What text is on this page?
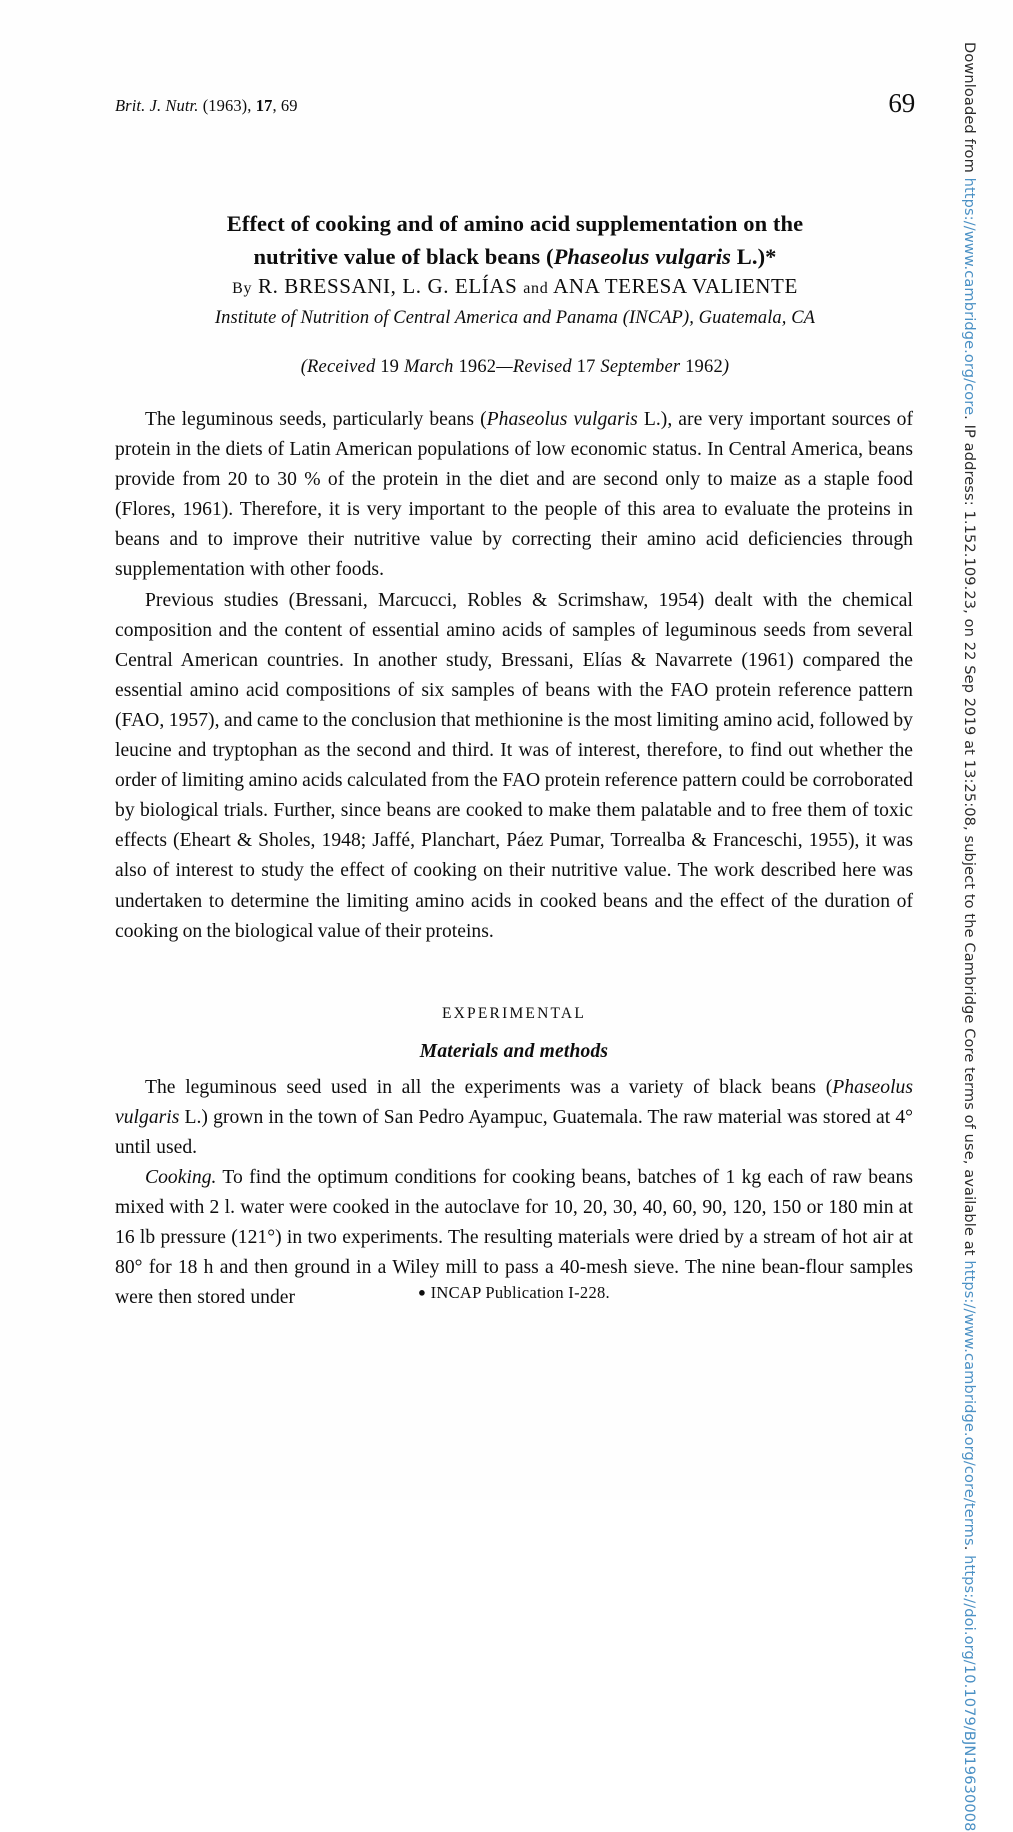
Brit. J. Nutr. (1963), 17, 69	69
Effect of cooking and of amino acid supplementation on the
nutritive value of black beans (Phaseolus vulgaris L.)*
By R. BRESSANI, L. G. ELÍAS and ANA TERESA VALIENTE
Institute of Nutrition of Central America and Panama (INCAP), Guatemala, CA
(Received 19 March 1962—Revised 17 September 1962)

The leguminous seeds, particularly beans (Phaseolus vulgaris L.), are very important sources of protein in the diets of Latin American populations of low economic status. In Central America, beans provide from 20 to 30 % of the protein in the diet and are second only to maize as a staple food (Flores, 1961). Therefore, it is very important to the people of this area to evaluate the proteins in beans and to improve their nutritive value by correcting their amino acid deficiencies through supplementation with other foods.

Previous studies (Bressani, Marcucci, Robles & Scrimshaw, 1954) dealt with the chemical composition and the content of essential amino acids of samples of leguminous seeds from several Central American countries. In another study, Bressani, Elías & Navarrete (1961) compared the essential amino acid compositions of six samples of beans with the FAO protein reference pattern (FAO, 1957), and came to the conclusion that methionine is the most limiting amino acid, followed by leucine and tryptophan as the second and third. It was of interest, therefore, to find out whether the order of limiting amino acids calculated from the FAO protein reference pattern could be corroborated by biological trials. Further, since beans are cooked to make them palatable and to free them of toxic effects (Eheart & Sholes, 1948; Jaffé, Planchart, Páez Pumar, Torrealba & Franceschi, 1955), it was also of interest to study the effect of cooking on their nutritive value. The work described here was undertaken to determine the limiting amino acids in cooked beans and the effect of the duration of cooking on the biological value of their proteins.

EXPERIMENTAL
Materials and methods

The leguminous seed used in all the experiments was a variety of black beans (Phaseolus vulgaris L.) grown in the town of San Pedro Ayampuc, Guatemala. The raw material was stored at 4° until used.

Cooking. To find the optimum conditions for cooking beans, batches of 1 kg each of raw beans mixed with 2 l. water were cooked in the autoclave for 10, 20, 30, 40, 60, 90, 120, 150 or 180 min at 16 lb pressure (121°) in two experiments. The resulting materials were dried by a stream of hot air at 80° for 18 h and then ground in a Wiley mill to pass a 40-mesh sieve. The nine bean-flour samples were then stored under	● INCAP Publication I-228.
Downloaded from https://www.cambridge.org/core. IP address: 1.152.109.23, on 22 Sep 2019 at 13:25:08, subject to the Cambridge Core terms of use, available at https://www.cambridge.org/core/terms. https://doi.org/10.1079/BJN19630008
